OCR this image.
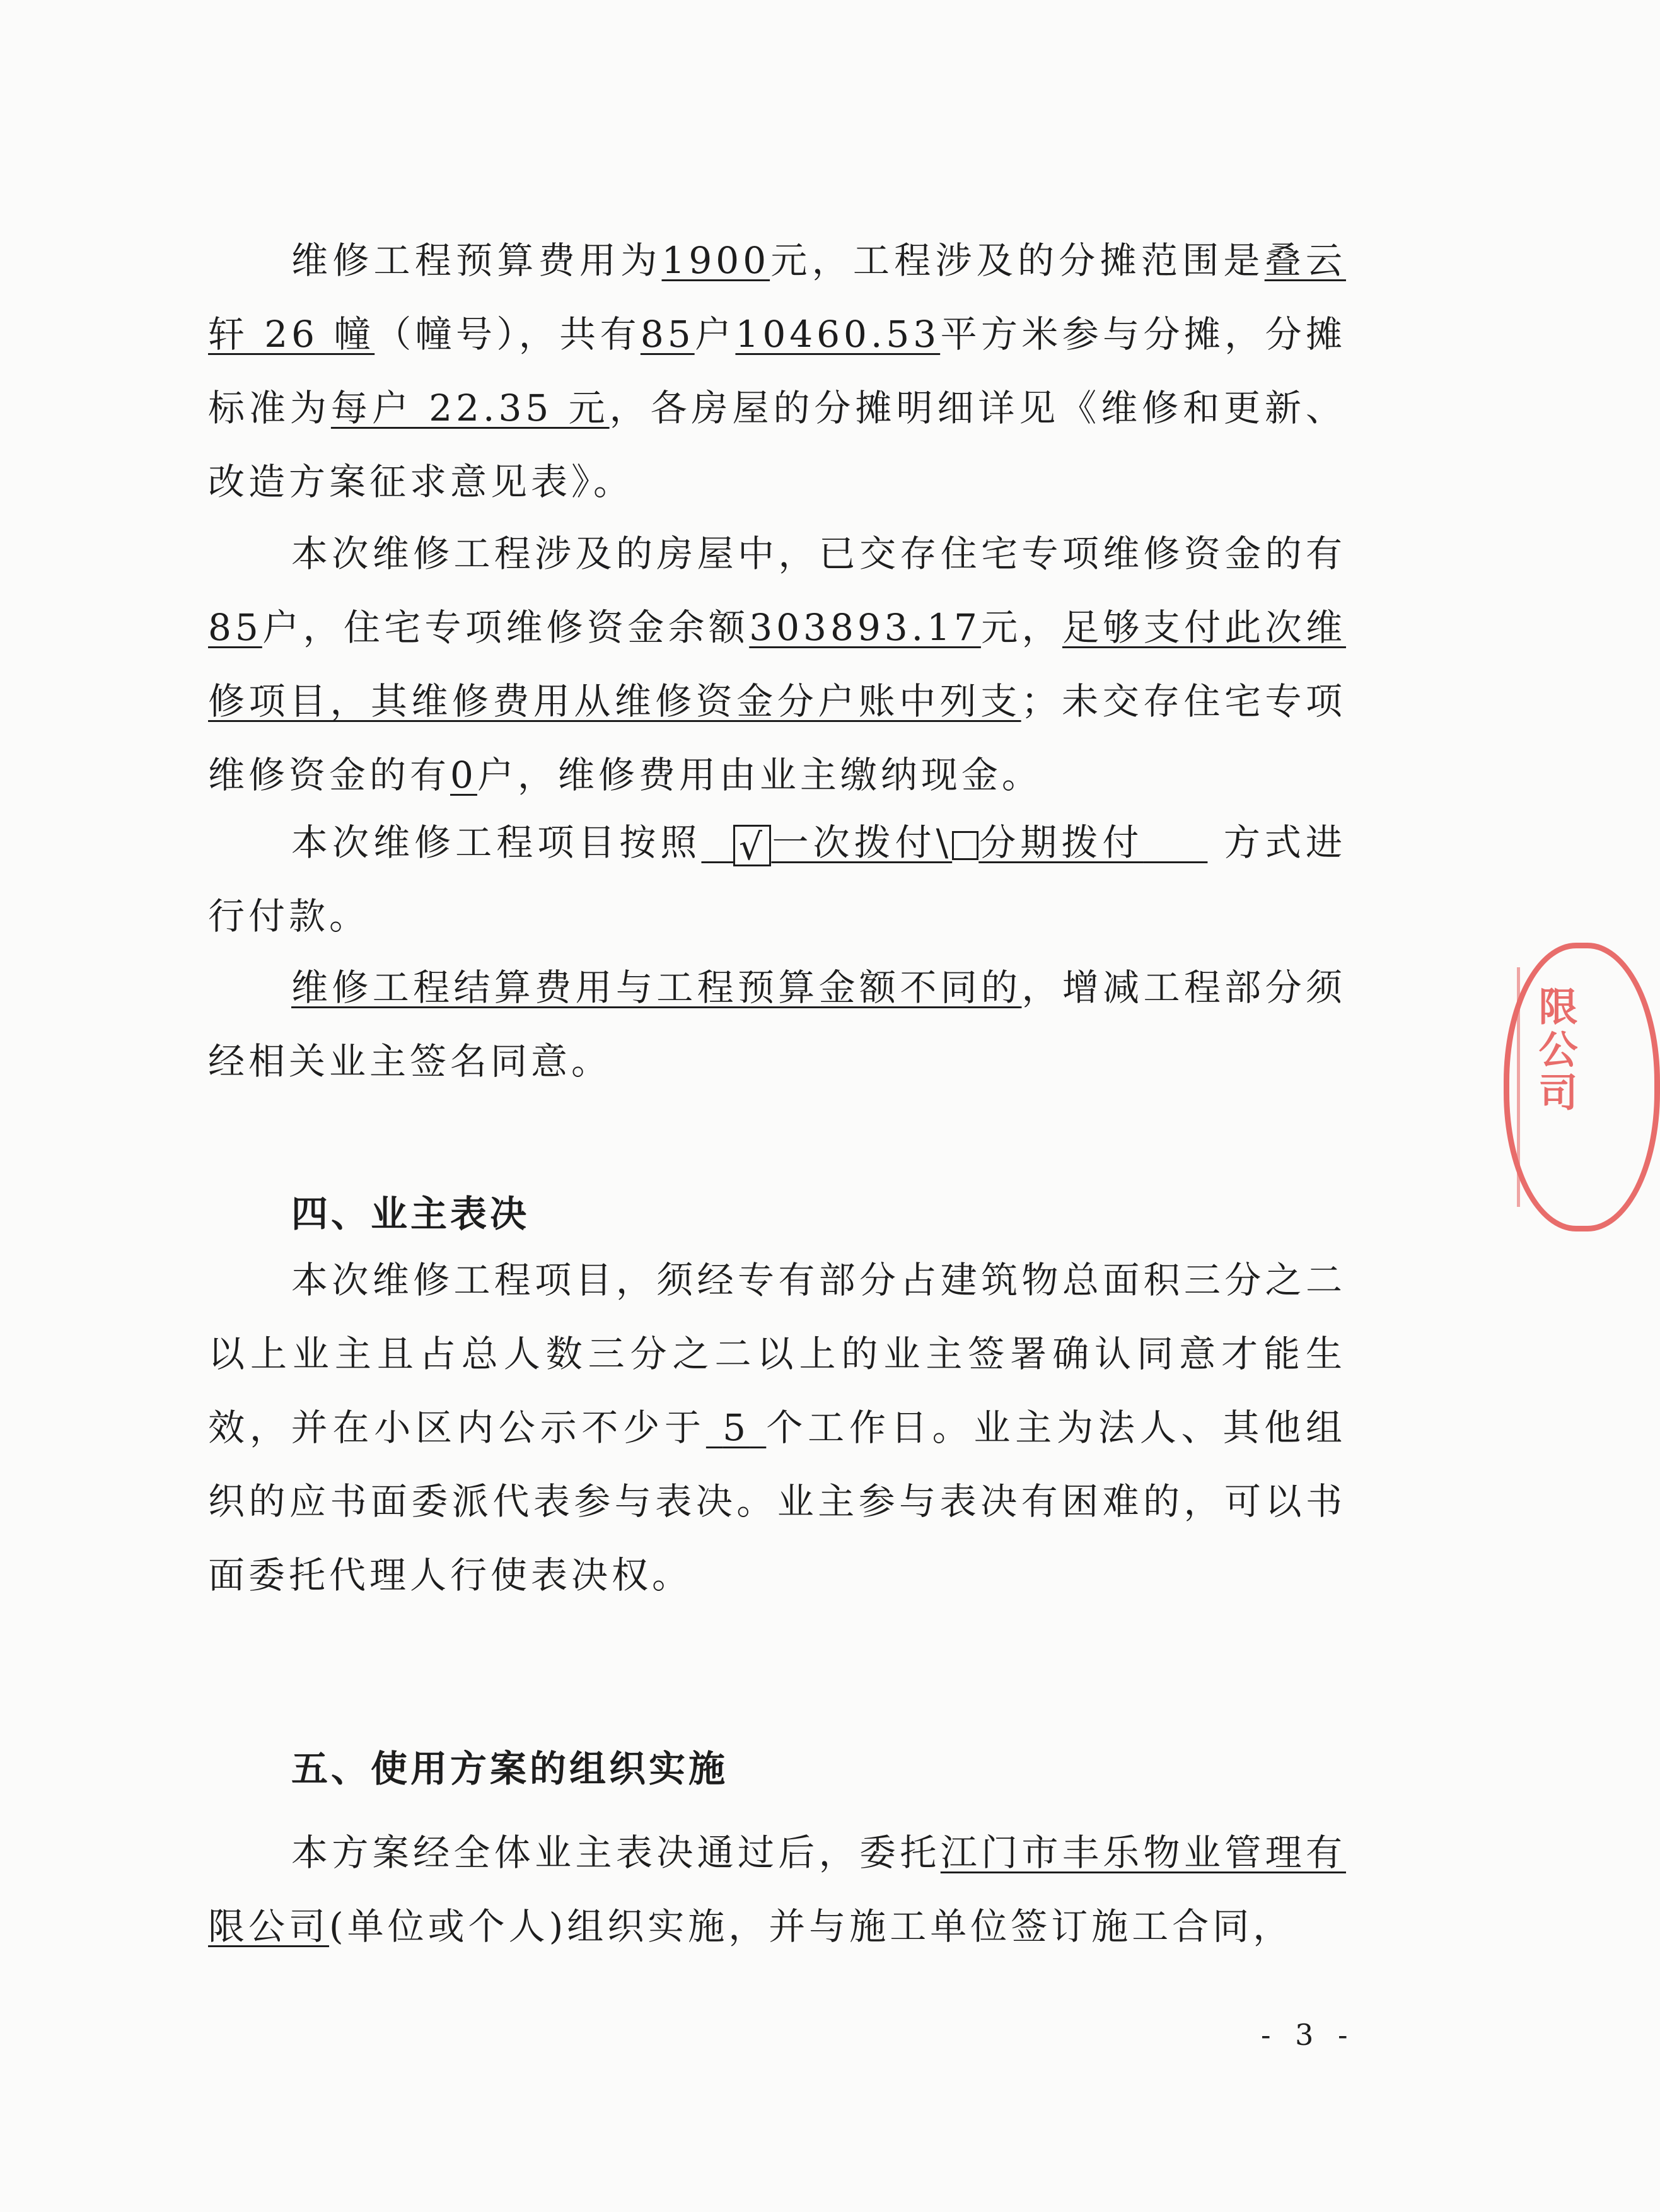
维修工程预算费用为1900元，工程涉及的分摊范围是叠云轩 26 幢（幢号），共有85户10460.53平方米参与分摊，分摊标准为每户 22.35 元，各房屋的分摊明细详见《维修和更新、改造方案征求意见表》。

本次维修工程涉及的房屋中，已交存住宅专项维修资金的有85户，住宅专项维修资金余额303893.17元，足够支付此次维修项目，其维修费用从维修资金分户账中列支；未交存住宅专项维修资金的有0户，维修费用由业主缴纳现金。

本次维修工程项目按照 √ 一次拨付\ 分期拨付 方式进行付款。

维修工程结算费用与工程预算金额不同的，增减工程部分须经相关业主签名同意。

四、业主表决

本次维修工程项目，须经专有部分占建筑物总面积三分之二以上业主且占总人数三分之二以上的业主签署确认同意才能生效，并在小区内公示不少于 5 个工作日。业主为法人、其他组织的应书面委派代表参与表决。业主参与表决有困难的，可以书面委托代理人行使表决权。

五、使用方案的组织实施

本方案经全体业主表决通过后，委托江门市丰乐物业管理有限公司(单位或个人)组织实施，并与施工单位签订施工合同，

- 3 -
限公司
